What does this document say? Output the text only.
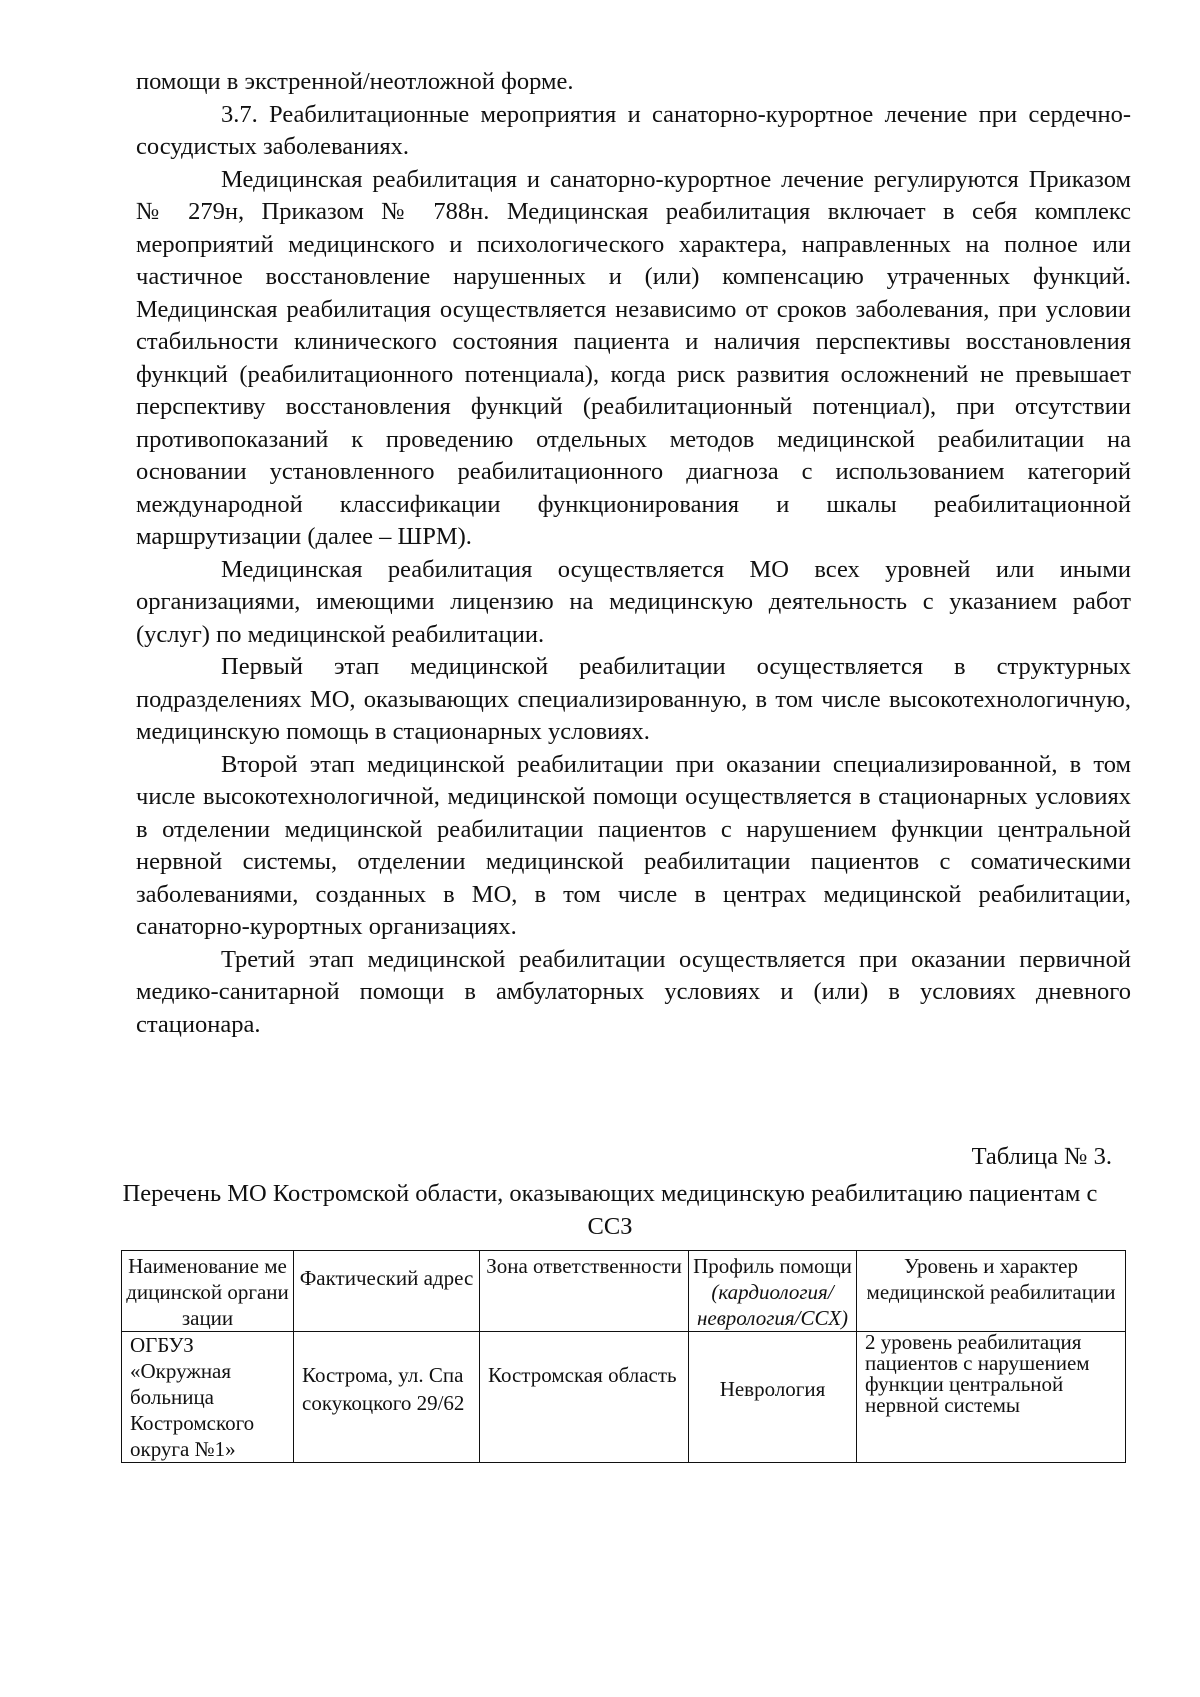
помощи в экстренной/неотложной форме.

3.7. Реабилитационные мероприятия и санаторно-курортное лечение при сердечно- сосудистых заболеваниях.

Медицинская реабилитация и санаторно-курортное лечение регулируются Приказом № 279н, Приказом № 788н. Медицинская реабилитация включает в себя комплекс мероприятий медицинского и психологического характера, направленных на полное или частичное восстановление нарушенных и (или) компенсацию утраченных функций. Медицинская реабилитация осуществляется независимо от сроков заболевания, при условии стабильности клинического состояния пациента и наличия перспективы восстановления функций (реабилитационного потенциала), когда риск развития осложнений не превышает перспективу восстановления функций (реабилитационный потенциал), при отсутствии противопоказаний к проведению отдельных методов медицинской реабилитации на основании установленного реабилитационного диагноза с использованием категорий международной классификации функционирования и шкалы реабилитационной маршрутизации (далее – ШРМ).

Медицинская реабилитация осуществляется МО всех уровней или иными организациями, имеющими лицензию на медицинскую деятельность с указанием работ (услуг) по медицинской реабилитации.

Первый этап медицинской реабилитации осуществляется в структурных подразделениях МО, оказывающих специализированную, в том числе высокотехнологичную, медицинскую помощь в стационарных условиях.

Второй этап медицинской реабилитации при оказании специализированной, в том числе высокотехнологичной, медицинской помощи осуществляется в стационарных условиях в отделении медицинской реабилитации пациентов с нарушением функции центральной нервной системы, отделении медицинской реабилитации пациентов с соматическими заболеваниями, созданных в МО, в том числе в центрах медицинской реабилитации, санаторно-курортных организациях.

Третий этап медицинской реабилитации осуществляется при оказании первичной медико-санитарной помощи в амбулаторных условиях и (или) в условиях дневного стационара.

Таблица № 3.
Перечень МО Костромской области, оказывающих медицинскую реабилитацию пациентам с ССЗ
Наименование медицинской организации	Фактический адрес	Зона ответственности	Профиль помощи (кардиология/ неврология/ССХ)	Уровень и характер медицинской реабилитации
ОГБУЗ «Окружная больница Костромского округа №1»	Кострома, ул. Спасокукоцкого 29/62	Костромская область	Неврология	2 уровень реабилитация пациентов с нарушением функции центральной нервной системы
